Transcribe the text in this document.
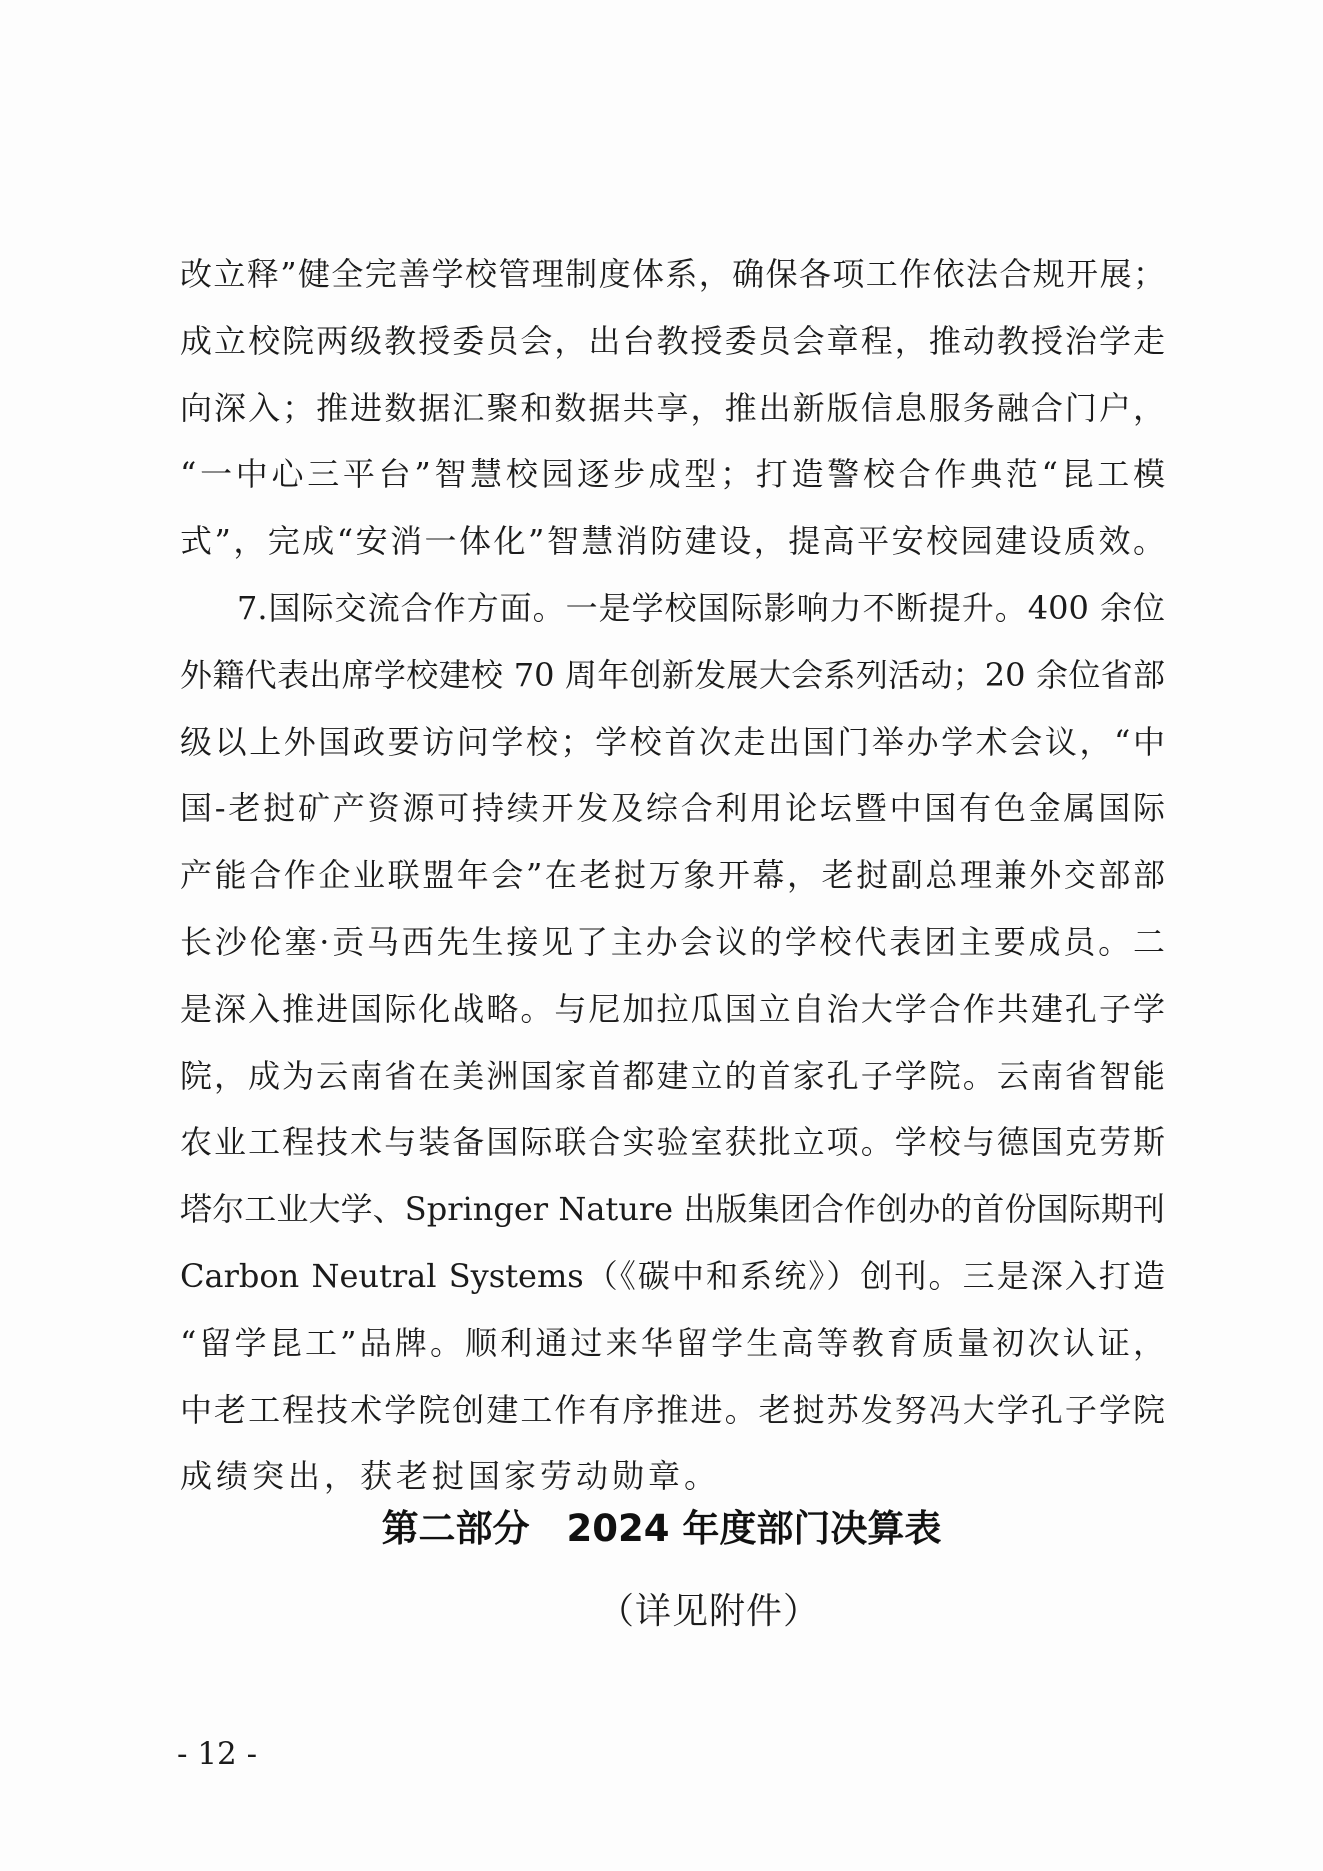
改立释”健全完善学校管理制度体系，确保各项工作依法合规开展；
成立校院两级教授委员会，出台教授委员会章程，推动教授治学走
向深入；推进数据汇聚和数据共享，推出新版信息服务融合门户，
“一中心三平台”智慧校园逐步成型；打造警校合作典范“昆工模
式”，完成“安消一体化”智慧消防建设，提高平安校园建设质效。
7.国际交流合作方面。一是学校国际影响力不断提升。400 余位
外籍代表出席学校建校 70 周年创新发展大会系列活动；20 余位省部
级以上外国政要访问学校；学校首次走出国门举办学术会议，“中
国-老挝矿产资源可持续开发及综合利用论坛暨中国有色金属国际
产能合作企业联盟年会”在老挝万象开幕，老挝副总理兼外交部部
长沙伦塞·贡马西先生接见了主办会议的学校代表团主要成员。二
是深入推进国际化战略。与尼加拉瓜国立自治大学合作共建孔子学
院，成为云南省在美洲国家首都建立的首家孔子学院。云南省智能
农业工程技术与装备国际联合实验室获批立项。学校与德国克劳斯
塔尔工业大学、Springer Nature 出版集团合作创办的首份国际期刊
Carbon Neutral Systems（《碳中和系统》）创刊。三是深入打造
“留学昆工”品牌。顺利通过来华留学生高等教育质量初次认证，
中老工程技术学院创建工作有序推进。老挝苏发努冯大学孔子学院
成绩突出，获老挝国家劳动勋章。
第二部分　2024 年度部门决算表
（详见附件）
- 12 -
